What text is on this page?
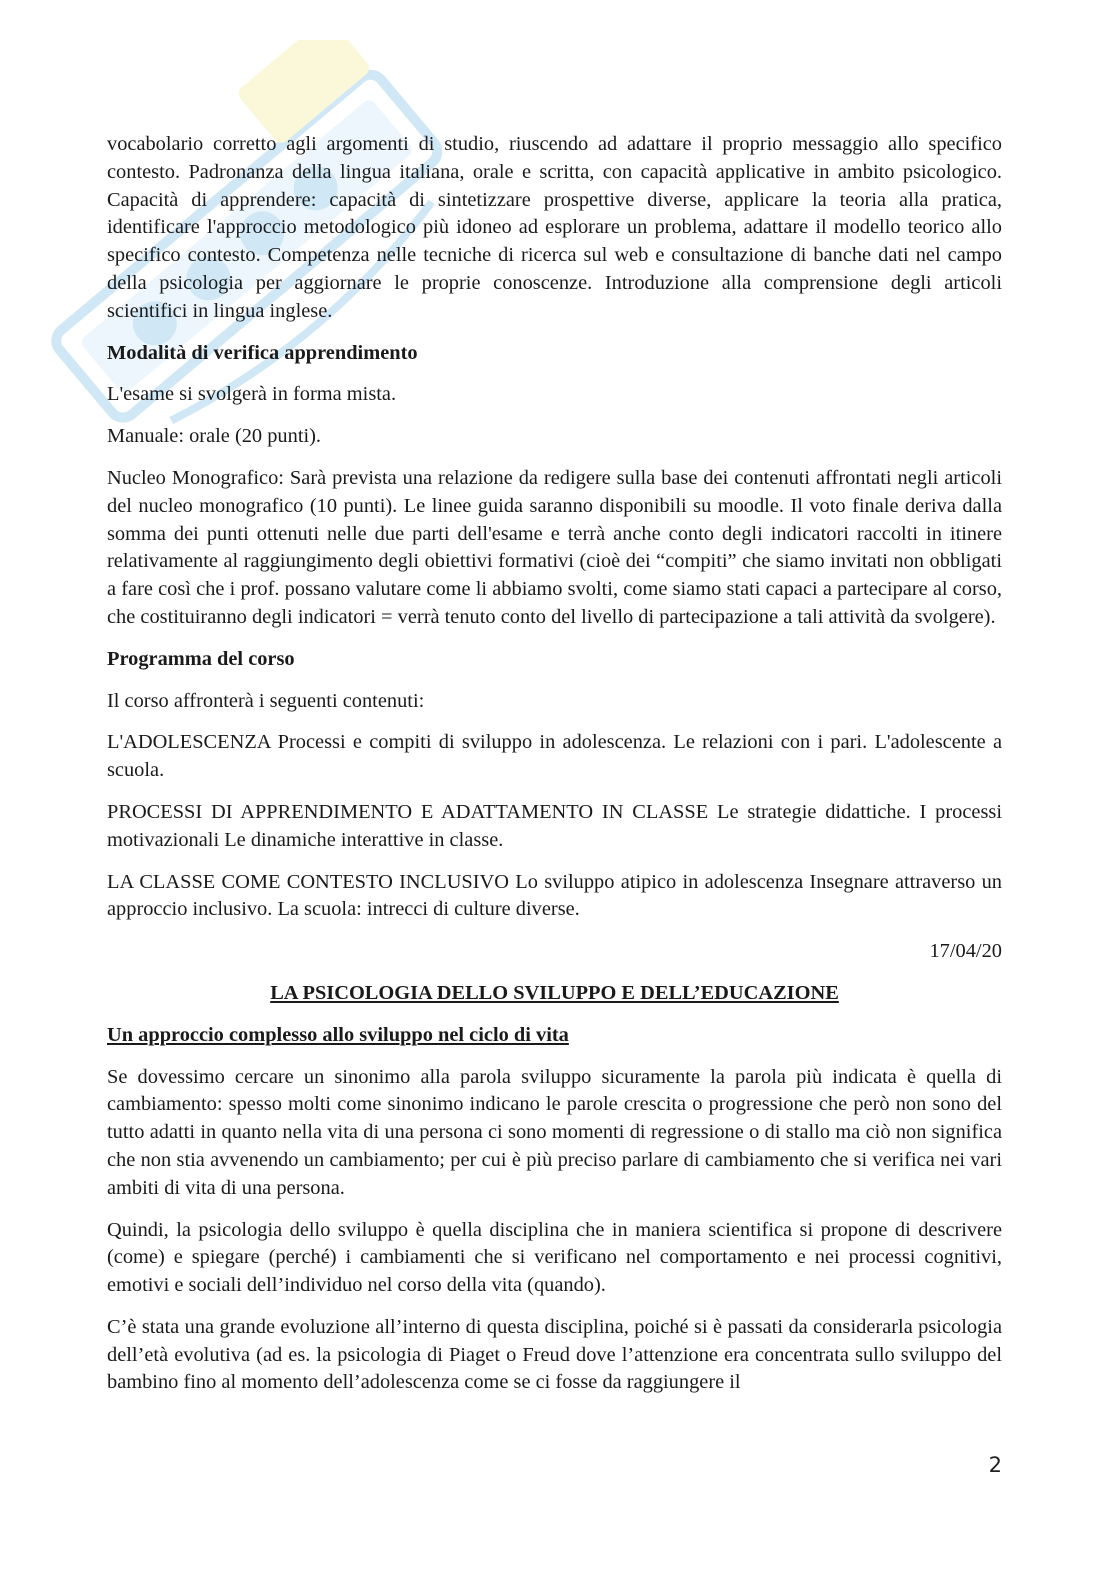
vocabolario corretto agli argomenti di studio, riuscendo ad adattare il proprio messaggio allo specifico contesto. Padronanza della lingua italiana, orale e scritta, con capacità applicative in ambito psicologico. Capacità di apprendere: capacità di sintetizzare prospettive diverse, applicare la teoria alla pratica, identificare l'approccio metodologico più idoneo ad esplorare un problema, adattare il modello teorico allo specifico contesto. Competenza nelle tecniche di ricerca sul web e consultazione di banche dati nel campo della psicologia per aggiornare le proprie conoscenze. Introduzione alla comprensione degli articoli scientifici in lingua inglese.

Modalità di verifica apprendimento

L'esame si svolgerà in forma mista.

Manuale: orale (20 punti).

Nucleo Monografico: Sarà prevista una relazione da redigere sulla base dei contenuti affrontati negli articoli del nucleo monografico (10 punti). Le linee guida saranno disponibili su moodle. Il voto finale deriva dalla somma dei punti ottenuti nelle due parti dell'esame e terrà anche conto degli indicatori raccolti in itinere relativamente al raggiungimento degli obiettivi formativi (cioè dei “compiti” che siamo invitati non obbligati a fare così che i prof. possano valutare come li abbiamo svolti, come siamo stati capaci a partecipare al corso, che costituiranno degli indicatori = verrà tenuto conto del livello di partecipazione a tali attività da svolgere).

Programma del corso

Il corso affronterà i seguenti contenuti:

L'ADOLESCENZA Processi e compiti di sviluppo in adolescenza. Le relazioni con i pari. L'adolescente a scuola.

PROCESSI DI APPRENDIMENTO E ADATTAMENTO IN CLASSE Le strategie didattiche. I processi motivazionali Le dinamiche interattive in classe.

LA CLASSE COME CONTESTO INCLUSIVO Lo sviluppo atipico in adolescenza Insegnare attraverso un approccio inclusivo. La scuola: intrecci di culture diverse.

17/04/20
LA PSICOLOGIA DELLO SVILUPPO E DELL’EDUCAZIONE
Un approccio complesso allo sviluppo nel ciclo di vita

Se dovessimo cercare un sinonimo alla parola sviluppo sicuramente la parola più indicata è quella di cambiamento: spesso molti come sinonimo indicano le parole crescita o progressione che però non sono del tutto adatti in quanto nella vita di una persona ci sono momenti di regressione o di stallo ma ciò non significa che non stia avvenendo un cambiamento; per cui è più preciso parlare di cambiamento che si verifica nei vari ambiti di vita di una persona.

Quindi, la psicologia dello sviluppo è quella disciplina che in maniera scientifica si propone di descrivere (come) e spiegare (perché) i cambiamenti che si verificano nel comportamento e nei processi cognitivi, emotivi e sociali dell’individuo nel corso della vita (quando).

C’è stata una grande evoluzione all’interno di questa disciplina, poiché si è passati da considerarla psicologia dell’età evolutiva (ad es. la psicologia di Piaget o Freud dove l’attenzione era concentrata sullo sviluppo del bambino fino al momento dell’adolescenza come se ci fosse da raggiungere il

2
